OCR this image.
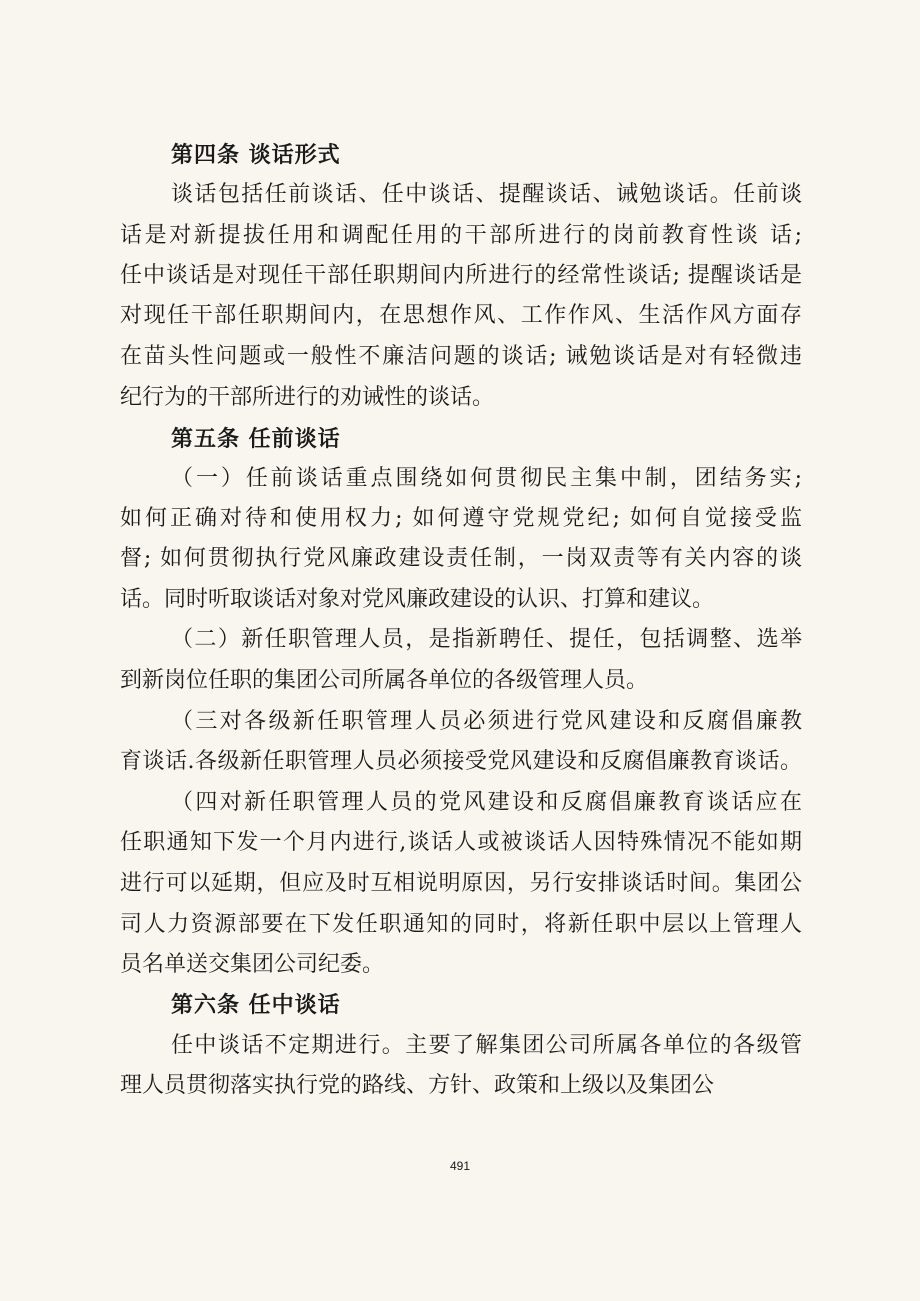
第四条 谈话形式
谈话包括任前谈话、任中谈话、提醒谈话、诫勉谈话。任前谈
话是对新提拔任用和调配任用的干部所进行的岗前教育性谈 话;
任中谈话是对现任干部任职期间内所进行的经常性谈话; 提醒谈话是
对现任干部任职期间内，在思想作风、工作作风、生活作风方面存
在苗头性问题或一般性不廉洁问题的谈话; 诫勉谈话是对有轻微违
纪行为的干部所进行的劝诫性的谈话。
第五条 任前谈话
（一）任前谈话重点围绕如何贯彻民主集中制，团结务实;
如何正确对待和使用权力; 如何遵守党规党纪; 如何自觉接受监
督; 如何贯彻执行党风廉政建设责任制，一岗双责等有关内容的谈
话。同时听取谈话对象对党风廉政建设的认识、打算和建议。
（二）新任职管理人员，是指新聘任、提任，包括调整、选举
到新岗位任职的集团公司所属各单位的各级管理人员。
（三对各级新任职管理人员必须进行党风建设和反腐倡廉教
育谈话.各级新任职管理人员必须接受党风建设和反腐倡廉教育谈话。
（四对新任职管理人员的党风建设和反腐倡廉教育谈话应在
任职通知下发一个月内进行,谈话人或被谈话人因特殊情况不能如期
进行可以延期，但应及时互相说明原因，另行安排谈话时间。集团公
司人力资源部要在下发任职通知的同时，将新任职中层以上管理人
员名单送交集团公司纪委。
第六条 任中谈话
任中谈话不定期进行。主要了解集团公司所属各单位的各级管
理人员贯彻落实执行党的路线、方针、政策和上级以及集团公
491
